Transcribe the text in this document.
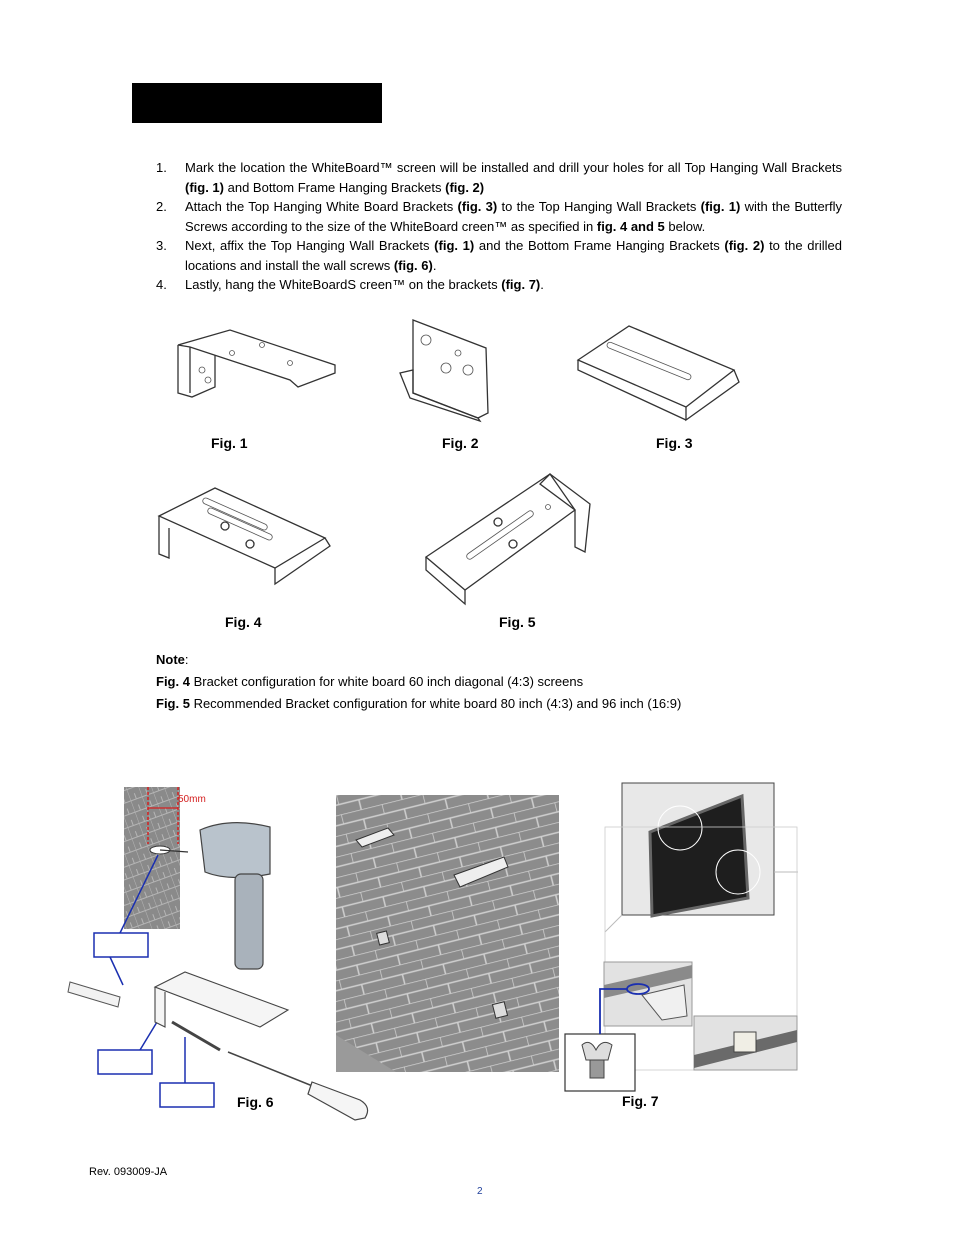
1.	Mark the location the WhiteBoard™ screen will be installed and drill your holes for all Top Hanging Wall Brackets (fig. 1) and Bottom Frame Hanging Brackets (fig. 2)
2.	Attach the Top Hanging White Board Brackets (fig. 3) to the Top Hanging Wall Brackets (fig. 1) with the Butterfly Screws according to the size of the WhiteBoard creen™ as specified in fig. 4 and 5 below.
3.	Next, affix the Top Hanging Wall Brackets (fig. 1) and the Bottom Frame Hanging Brackets (fig. 2) to the drilled locations and install the wall screws (fig. 6).
4.	Lastly, hang the WhiteBoardS creen™ on the brackets (fig. 7).
Fig. 1	Fig. 2	Fig. 3
Fig. 4	Fig. 5
Note:
Fig. 4 Bracket configuration for white board 60 inch diagonal (4:3) screens
Fig. 5 Recommended Bracket configuration for white board 80 inch (4:3) and 96 inch (16:9)
50mm
Fig. 6	Fig. 7
Rev. 093009-JA
2
